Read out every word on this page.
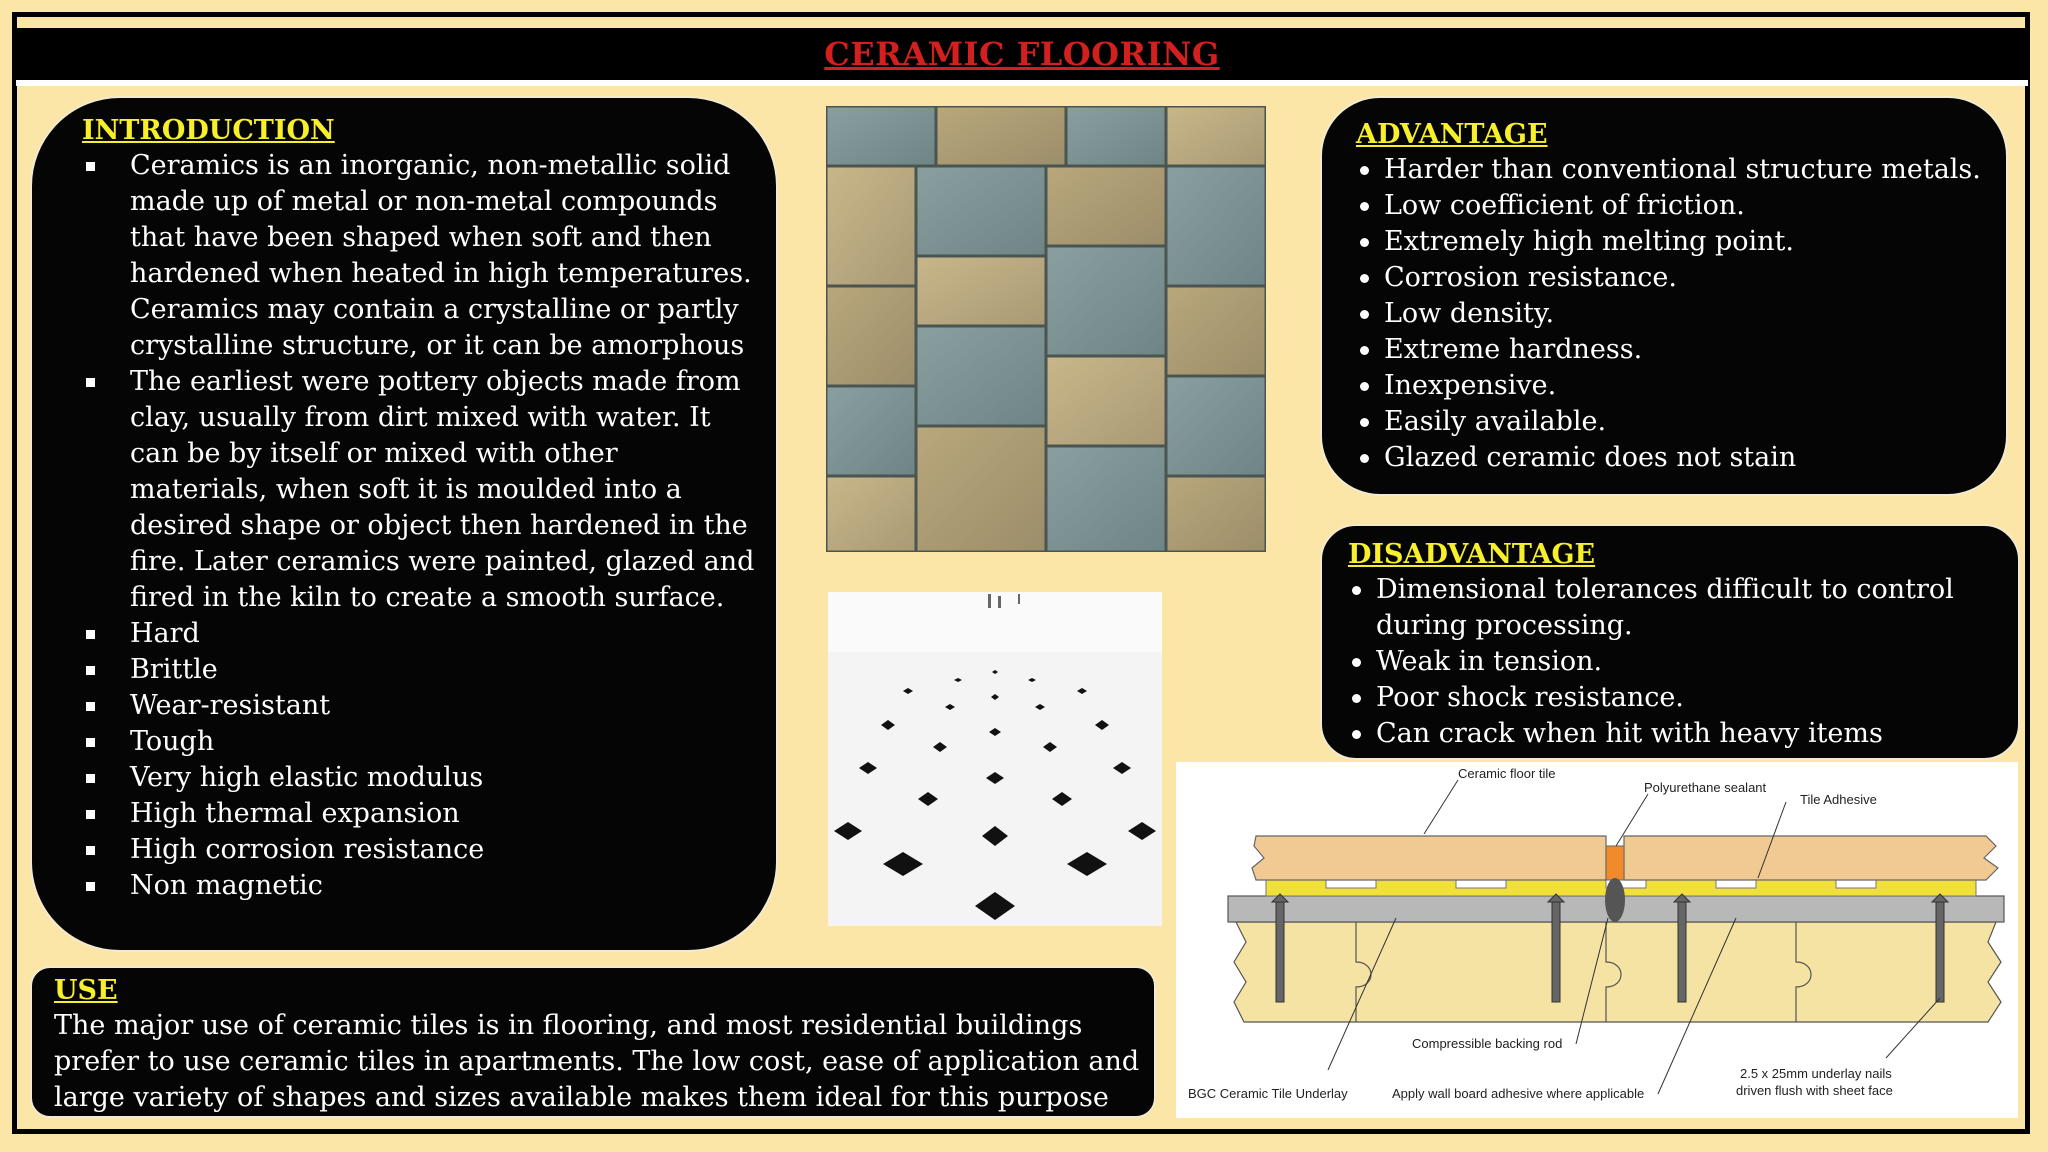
CERAMIC FLOORING
INTRODUCTION
Ceramics is an inorganic, non-metallic solid made up of metal or non-metal compounds that have been shaped when soft and then hardened when heated in high temperatures. Ceramics may contain a crystalline or partly crystalline structure, or it can be amorphous
The earliest were pottery objects made from clay, usually from dirt mixed with water. It can be by itself or mixed with other materials, when soft it is moulded into a desired shape or object then hardened in the fire. Later ceramics were painted, glazed and fired in the kiln to create a smooth surface.
Hard
Brittle
Wear-resistant
Tough
Very high elastic modulus
High thermal expansion
High corrosion resistance
Non magnetic
ADVANTAGE
Harder than conventional structure metals.
Low coefficient of friction.
Extremely high melting point.
Corrosion resistance.
Low density.
Extreme hardness.
Inexpensive.
Easily available.
Glazed ceramic does not stain
DISADVANTAGE
Dimensional tolerances difficult to control during processing.
Weak in tension.
Poor shock resistance.
Can crack when hit with heavy items
USE

The major use of ceramic tiles is in flooring, and most residential buildings prefer to use ceramic tiles in apartments. The low cost, ease of application and large variety of shapes and sizes available makes them ideal for this purpose

Ceramic floor tile
Polyurethane sealant
Tile Adhesive
Compressible backing rod
BGC Ceramic Tile Underlay	Apply wall board adhesive where applicable
2.5 x 25mm underlay nails
driven flush with sheet face
